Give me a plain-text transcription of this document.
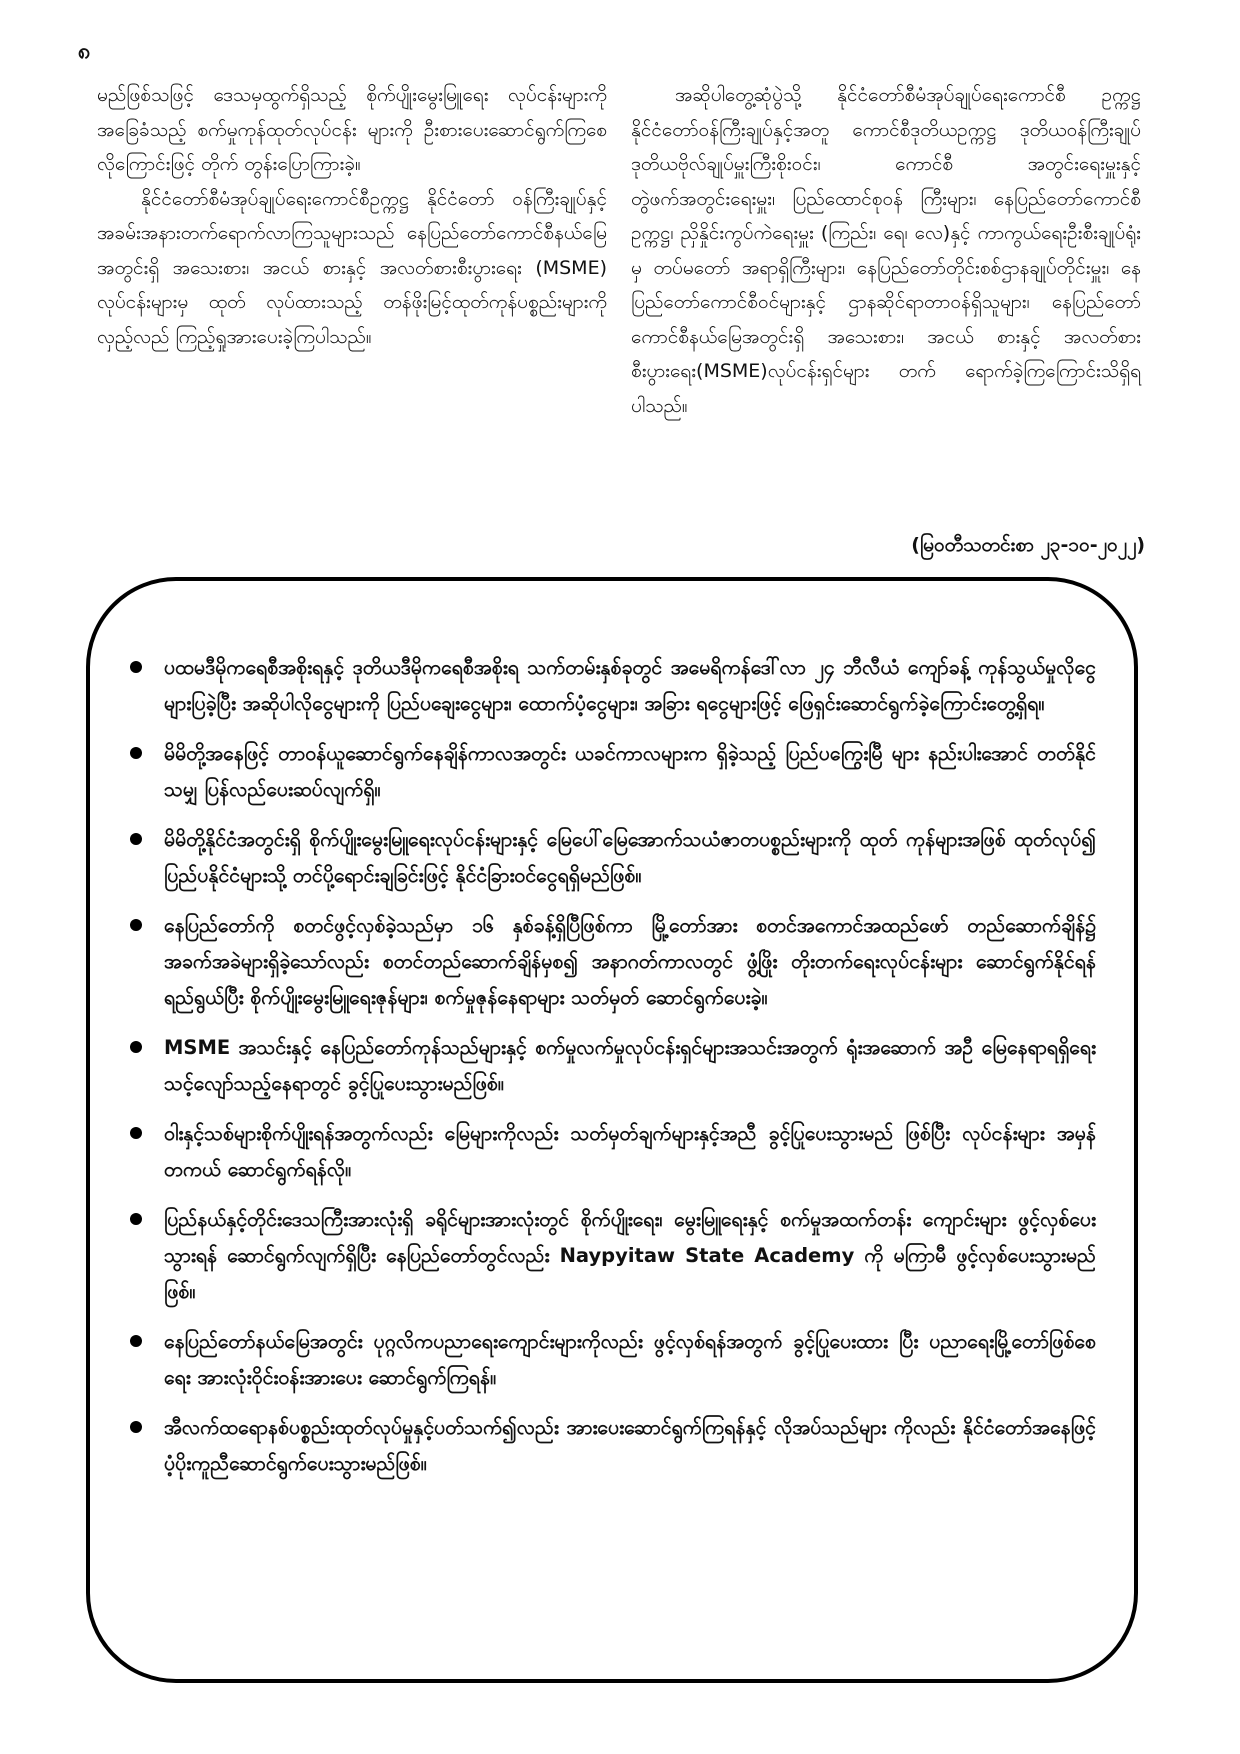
၈

မည်ဖြစ်သဖြင့် ဒေသမှထွက်ရှိသည့် စိုက်ပျိုးမွေးမြူရေး လုပ်ငန်းများကို အခြေခံသည့် စက်မှုကုန်ထုတ်လုပ်ငန်း များကို ဦးစားပေးဆောင်ရွက်ကြစေလိုကြောင်းဖြင့် တိုက် တွန်းပြောကြားခဲ့။

နိုင်ငံတော်စီမံအုပ်ချုပ်ရေးကောင်စီဥက္ကဋ္ဌ နိုင်ငံတော် ဝန်ကြီးချုပ်နှင့် အခမ်းအနားတက်ရောက်လာကြသူများသည် နေပြည်တော်ကောင်စီနယ်မြေအတွင်းရှိ အသေးစား၊ အငယ် စားနှင့် အလတ်စားစီးပွားရေး (MSME) လုပ်ငန်းများမှ ထုတ် လုပ်ထားသည့် တန်ဖိုးမြင့်ထုတ်ကုန်ပစ္စည်းများကို လှည့်လည် ကြည့်ရှုအားပေးခဲ့ကြပါသည်။

အဆိုပါတွေ့ဆုံပွဲသို့ နိုင်ငံတော်စီမံအုပ်ချုပ်ရေးကောင်စီ ဥက္ကဋ္ဌ နိုင်ငံတော်ဝန်ကြီးချုပ်နှင့်အတူ ကောင်စီဒုတိယဥက္ကဋ္ဌ ဒုတိယဝန်ကြီးချုပ် ဒုတိယဗိုလ်ချုပ်မှူးကြီးစိုးဝင်း၊ ကောင်စီ အတွင်းရေးမှူးနှင့် တွဲဖက်အတွင်းရေးမှူး၊ ပြည်ထောင်စုဝန် ကြီးများ၊ နေပြည်တော်ကောင်စီဥက္ကဋ္ဌ၊ ညှိနှိုင်းကွပ်ကဲရေးမှူး (ကြည်း၊ ရေ၊ လေ)နှင့် ကာကွယ်ရေးဦးစီးချုပ်ရုံးမှ တပ်မတော် အရာရှိကြီးများ၊ နေပြည်တော်တိုင်းစစ်ဌာနချုပ်တိုင်းမှူး၊ နေ ပြည်တော်ကောင်စီဝင်များနှင့် ဌာနဆိုင်ရာတာဝန်ရှိသူများ၊ နေပြည်တော်ကောင်စီနယ်မြေအတွင်းရှိ အသေးစား၊ အငယ် စားနှင့် အလတ်စား စီးပွားရေး(MSME)လုပ်ငန်းရှင်များ တက် ရောက်ခဲ့ကြကြောင်းသိရှိရပါသည်။

(မြဝတီသတင်းစာ ၂၃-၁၀-၂၀၂၂)
ပထမဒီမိုကရေစီအစိုးရနှင့် ဒုတိယဒီမိုကရေစီအစိုးရ သက်တမ်းနှစ်ခုတွင် အမေရိကန်ဒေါ်လာ ၂၄ ဘီလီယံ ကျော်ခန့် ကုန်သွယ်မှုလိုငွေများပြခဲ့ပြီး အဆိုပါလိုငွေများကို ပြည်ပချေးငွေများ၊ ထောက်ပံ့ငွေများ၊ အခြား ရငွေများဖြင့် ဖြေရှင်းဆောင်ရွက်ခဲ့ကြောင်းတွေ့ရှိရ။
မိမိတို့အနေဖြင့် တာဝန်ယူဆောင်ရွက်နေချိန်ကာလအတွင်း ယခင်ကာလများက ရှိခဲ့သည့် ပြည်ပကြွေးမြီ များ နည်းပါးအောင် တတ်နိုင်သမျှ ပြန်လည်ပေးဆပ်လျက်ရှိ။
မိမိတို့နိုင်ငံအတွင်းရှိ စိုက်ပျိုးမွေးမြူရေးလုပ်ငန်းများနှင့် မြေပေါ်မြေအောက်သယံဇာတပစ္စည်းများကို ထုတ် ကုန်များအဖြစ် ထုတ်လုပ်၍ ပြည်ပနိုင်ငံများသို့ တင်ပို့ရောင်းချခြင်းဖြင့် နိုင်ငံခြားဝင်ငွေရရှိမည်ဖြစ်။
နေပြည်တော်ကို စတင်ဖွင့်လှစ်ခဲ့သည်မှာ ၁၆ နှစ်ခန့်ရှိပြီဖြစ်ကာ မြို့တော်အား စတင်အကောင်အထည်ဖော် တည်ဆောက်ချိန်၌ အခက်အခဲများရှိခဲ့သော်လည်း စတင်တည်ဆောက်ချိန်မှစ၍ အနာဂတ်ကာလတွင် ဖွံ့ဖြိုး တိုးတက်ရေးလုပ်ငန်းများ ဆောင်ရွက်နိုင်ရန်ရည်ရွယ်ပြီး စိုက်ပျိုးမွေးမြူရေးဇုန်များ၊ စက်မှုဇုန်နေရာများ သတ်မှတ် ဆောင်ရွက်ပေးခဲ့။
MSME အသင်းနှင့် နေပြည်တော်ကုန်သည်များနှင့် စက်မှုလက်မှုလုပ်ငန်းရှင်များအသင်းအတွက် ရုံးအဆောက် အဦ မြေနေရာရရှိရေး သင့်လျော်သည့်နေရာတွင် ခွင့်ပြုပေးသွားမည်ဖြစ်။
ဝါးနှင့်သစ်များစိုက်ပျိုးရန်အတွက်လည်း မြေများကိုလည်း သတ်မှတ်ချက်များနှင့်အညီ ခွင့်ပြုပေးသွားမည် ဖြစ်ပြီး လုပ်ငန်းများ အမှန်တကယ် ဆောင်ရွက်ရန်လို။
ပြည်နယ်နှင့်တိုင်းဒေသကြီးအားလုံးရှိ ခရိုင်များအားလုံးတွင် စိုက်ပျိုးရေး၊ မွေးမြူရေးနှင့် စက်မှုအထက်တန်း ကျောင်းများ ဖွင့်လှစ်ပေးသွားရန် ဆောင်ရွက်လျက်ရှိပြီး နေပြည်တော်တွင်လည်း Naypyitaw State Academy ကို မကြာမီ ဖွင့်လှစ်ပေးသွားမည်ဖြစ်။
နေပြည်တော်နယ်မြေအတွင်း ပုဂ္ဂလိကပညာရေးကျောင်းများကိုလည်း ဖွင့်လှစ်ရန်အတွက် ခွင့်ပြုပေးထား ပြီး ပညာရေးမြို့တော်ဖြစ်စေရေး အားလုံးဝိုင်းဝန်းအားပေး ဆောင်ရွက်ကြရန်။
အီလက်ထရောနစ်ပစ္စည်းထုတ်လုပ်မှုနှင့်ပတ်သက်၍လည်း အားပေးဆောင်ရွက်ကြရန်နှင့် လိုအပ်သည်များ ကိုလည်း နိုင်ငံတော်အနေဖြင့် ပံ့ပိုးကူညီဆောင်ရွက်ပေးသွားမည်ဖြစ်။
